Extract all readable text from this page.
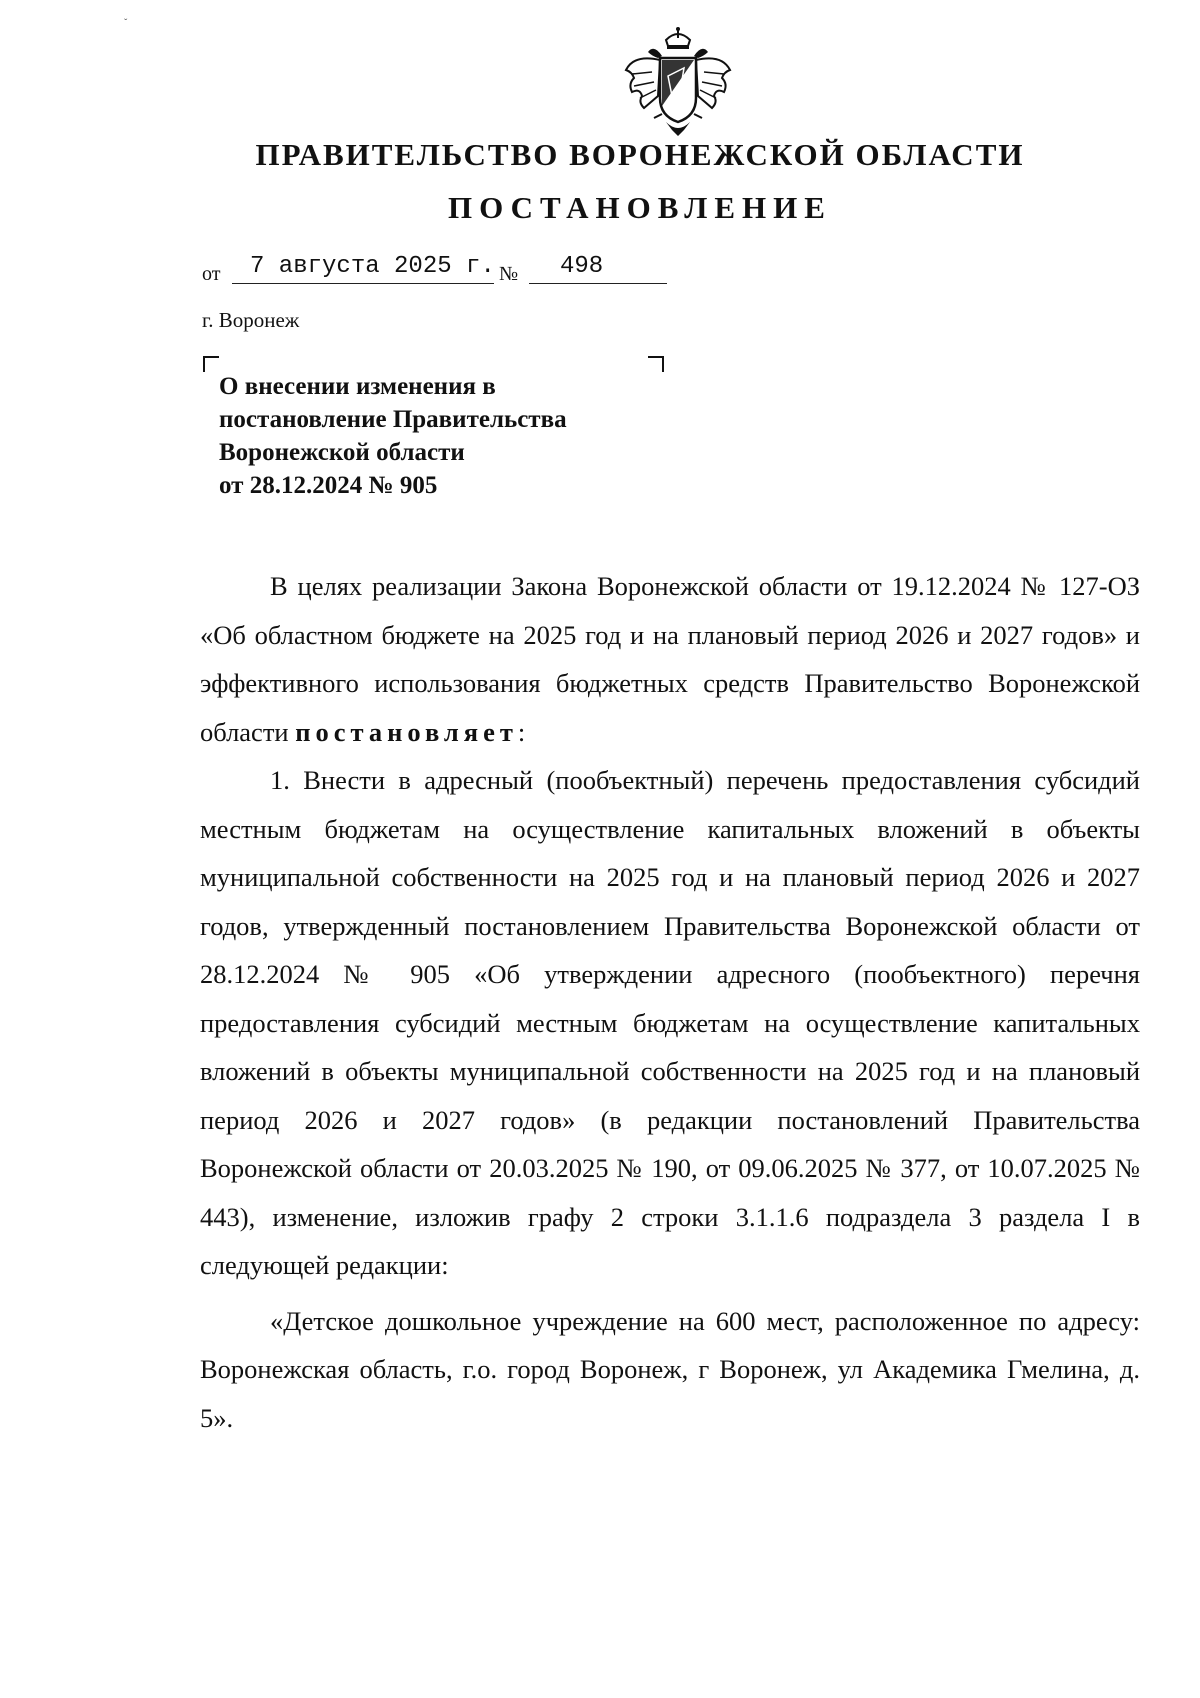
ˇ
ПРАВИТЕЛЬСТВО ВОРОНЕЖСКОЙ ОБЛАСТИ
ПОСТАНОВЛЕНИЕ
от 7 августа 2025 г. № 498
г. Воронеж
О внесении изменения в
постановление Правительства
Воронежской области
от 28.12.2024 № 905

В целях реализации Закона Воронежской области от 19.12.2024 № 127-ОЗ «Об областном бюджете на 2025 год и на плановый период 2026 и 2027 годов» и эффективного использования бюджетных средств Правительство Воронежской области постановляет:

1. Внести в адресный (пообъектный) перечень предоставления субсидий местным бюджетам на осуществление капитальных вложений в объекты муниципальной собственности на 2025 год и на плановый период 2026 и 2027 годов, утвержденный постановлением Правительства Воронежской области от 28.12.2024 № 905 «Об утверждении адресного (пообъектного) перечня предоставления субсидий местным бюджетам на осуществление капитальных вложений в объекты муниципальной собственности на 2025 год и на плановый период 2026 и 2027 годов» (в редакции постановлений Правительства Воронежской области от 20.03.2025 № 190, от 09.06.2025 № 377, от 10.07.2025 № 443), изменение, изложив графу 2 строки 3.1.1.6 подраздела 3 раздела I в следующей редакции:

«Детское дошкольное учреждение на 600 мест, расположенное по адресу: Воронежская область, г.о. город Воронеж, г Воронеж, ул Академика Гмелина, д. 5».
